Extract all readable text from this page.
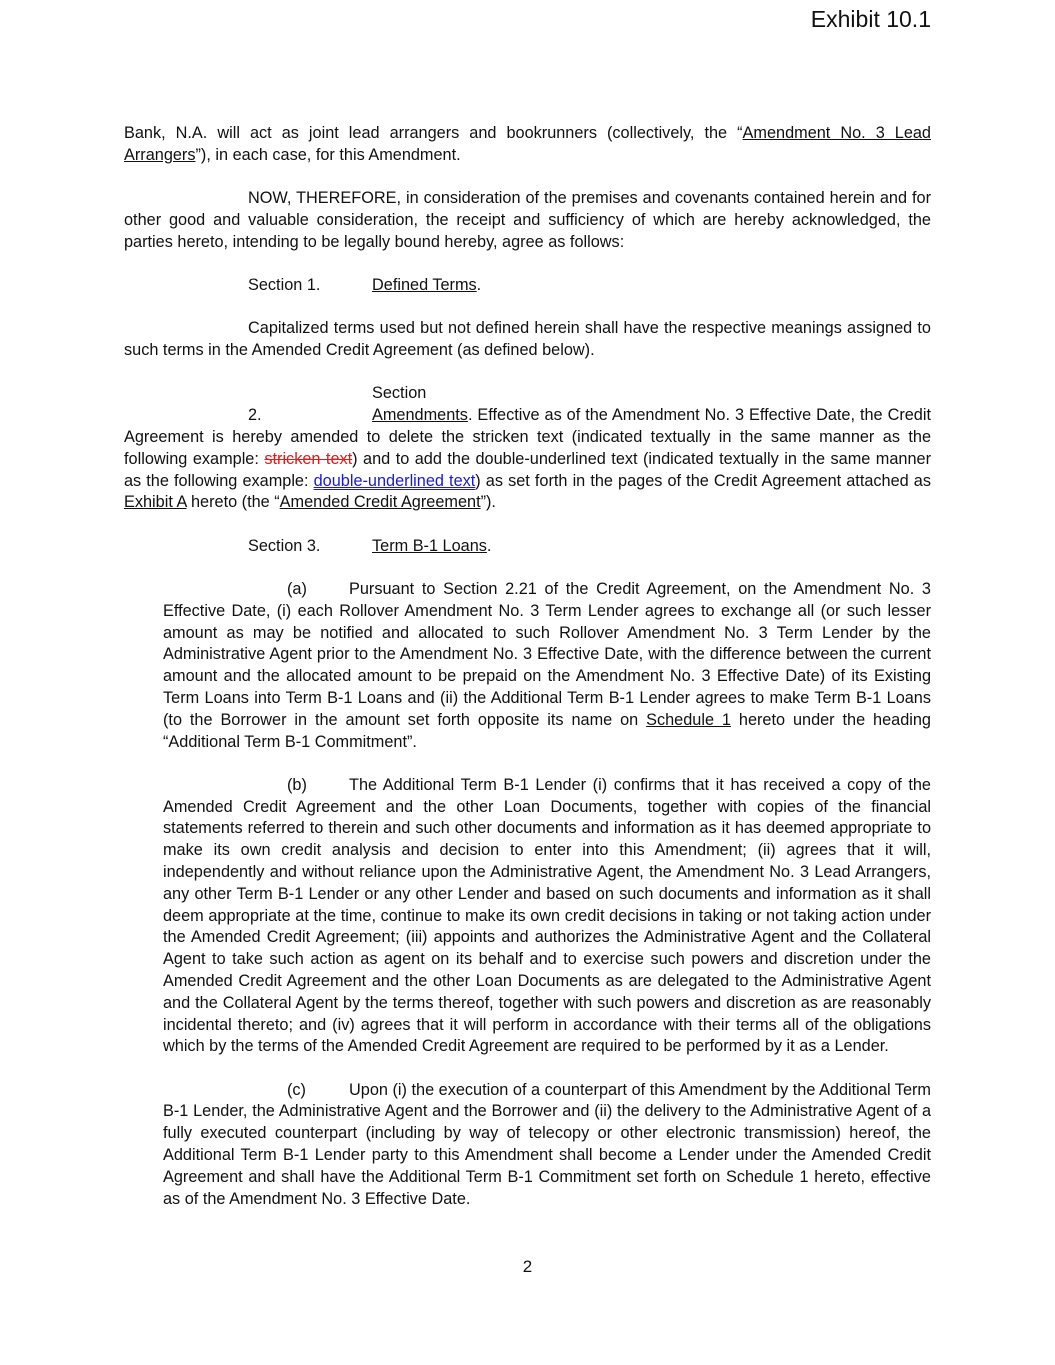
Exhibit 10.1

Bank, N.A. will act as joint lead arrangers and bookrunners (collectively, the “Amendment No. 3 Lead Arrangers”), in each case, for this Amendment.

NOW, THEREFORE, in consideration of the premises and covenants contained herein and for other good and valuable consideration, the receipt and sufficiency of which are hereby acknowledged, the parties hereto, intending to be legally bound hereby, agree as follows:

Section 1.	Defined Terms.

Capitalized terms used but not defined herein shall have the respective meanings assigned to such terms in the Amended Credit Agreement (as defined below).

Section 2.	Amendments. Effective as of the Amendment No. 3 Effective Date, the Credit Agreement is hereby amended to delete the stricken text (indicated textually in the same manner as the following example: stricken text) and to add the double-underlined text (indicated textually in the same manner as the following example: double-underlined text) as set forth in the pages of the Credit Agreement attached as Exhibit A hereto (the “Amended Credit Agreement”).

Section 3.	Term B-1 Loans.

(a)	Pursuant to Section 2.21 of the Credit Agreement, on the Amendment No. 3 Effective Date, (i) each Rollover Amendment No. 3 Term Lender agrees to exchange all (or such lesser amount as may be notified and allocated to such Rollover Amendment No. 3 Term Lender by the Administrative Agent prior to the Amendment No. 3 Effective Date, with the difference between the current amount and the allocated amount to be prepaid on the Amendment No. 3 Effective Date) of its Existing Term Loans into Term B-1 Loans and (ii) the Additional Term B-1 Lender agrees to make Term B-1 Loans (to the Borrower in the amount set forth opposite its name on Schedule 1 hereto under the heading “Additional Term B-1 Commitment”.

(b)	The Additional Term B-1 Lender (i) confirms that it has received a copy of the Amended Credit Agreement and the other Loan Documents, together with copies of the financial statements referred to therein and such other documents and information as it has deemed appropriate to make its own credit analysis and decision to enter into this Amendment; (ii) agrees that it will, independently and without reliance upon the Administrative Agent, the Amendment No. 3 Lead Arrangers, any other Term B-1 Lender or any other Lender and based on such documents and information as it shall deem appropriate at the time, continue to make its own credit decisions in taking or not taking action under the Amended Credit Agreement; (iii) appoints and authorizes the Administrative Agent and the Collateral Agent to take such action as agent on its behalf and to exercise such powers and discretion under the Amended Credit Agreement and the other Loan Documents as are delegated to the Administrative Agent and the Collateral Agent by the terms thereof, together with such powers and discretion as are reasonably incidental thereto; and (iv) agrees that it will perform in accordance with their terms all of the obligations which by the terms of the Amended Credit Agreement are required to be performed by it as a Lender.

(c)	Upon (i) the execution of a counterpart of this Amendment by the Additional Term B-1 Lender, the Administrative Agent and the Borrower and (ii) the delivery to the Administrative Agent of a fully executed counterpart (including by way of telecopy or other electronic transmission) hereof, the Additional Term B-1 Lender party to this Amendment shall become a Lender under the Amended Credit Agreement and shall have the Additional Term B-1 Commitment set forth on Schedule 1 hereto, effective as of the Amendment No. 3 Effective Date.

2
